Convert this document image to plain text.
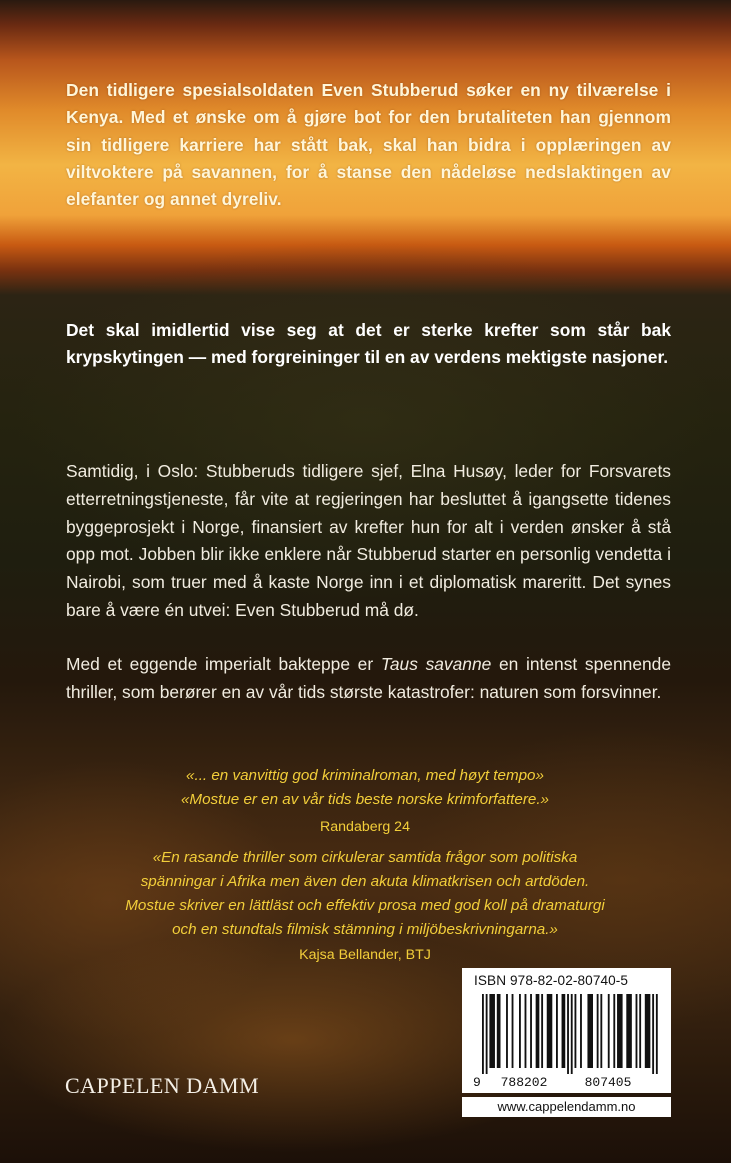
Den tidligere spesialsoldaten Even Stubberud søker en ny tilværelse i Kenya. Med et ønske om å gjøre bot for den brutaliteten han gjennom sin tidligere karriere har stått bak, skal han bidra i opplæringen av viltvoktere på savannen, for å stanse den nådeløse nedslaktingen av elefanter og annet dyreliv.

Det skal imidlertid vise seg at det er sterke krefter som står bak krypskytingen — med forgreininger til en av verdens mektigste nasjoner.

Samtidig, i Oslo: Stubberuds tidligere sjef, Elna Husøy, leder for Forsvarets etterretningstjeneste, får vite at regjeringen har besluttet å igangsette tidenes byggeprosjekt i Norge, finansiert av krefter hun for alt i verden ønsker å stå opp mot. Jobben blir ikke enklere når Stubberud starter en personlig vendetta i Nairobi, som truer med å kaste Norge inn i et diplomatisk mareritt. Det synes bare å være én utvei: Even Stubberud må dø.

Med et eggende imperialt bakteppe er Taus savanne en intenst spennende thriller, som berører en av vår tids største katastrofer: naturen som forsvinner.

«... en vanvittig god kriminalroman, med høyt tempo»
«Mostue er en av vår tids beste norske krimforfattere.»

Randaberg 24

«En rasande thriller som cirkulerar samtida frågor som politiska
spänningar i Afrika men även den akuta klimatkrisen och artdöden.
Mostue skriver en lättläst och effektiv prosa med god koll på dramaturgi
och en stundtals filmisk stämning i miljöbeskrivningarna.»

Kajsa Bellander, BTJ

CAPPELEN DAMM
ISBN 978-82-02-80740-5
9 788202	807405
www.cappelendamm.no
